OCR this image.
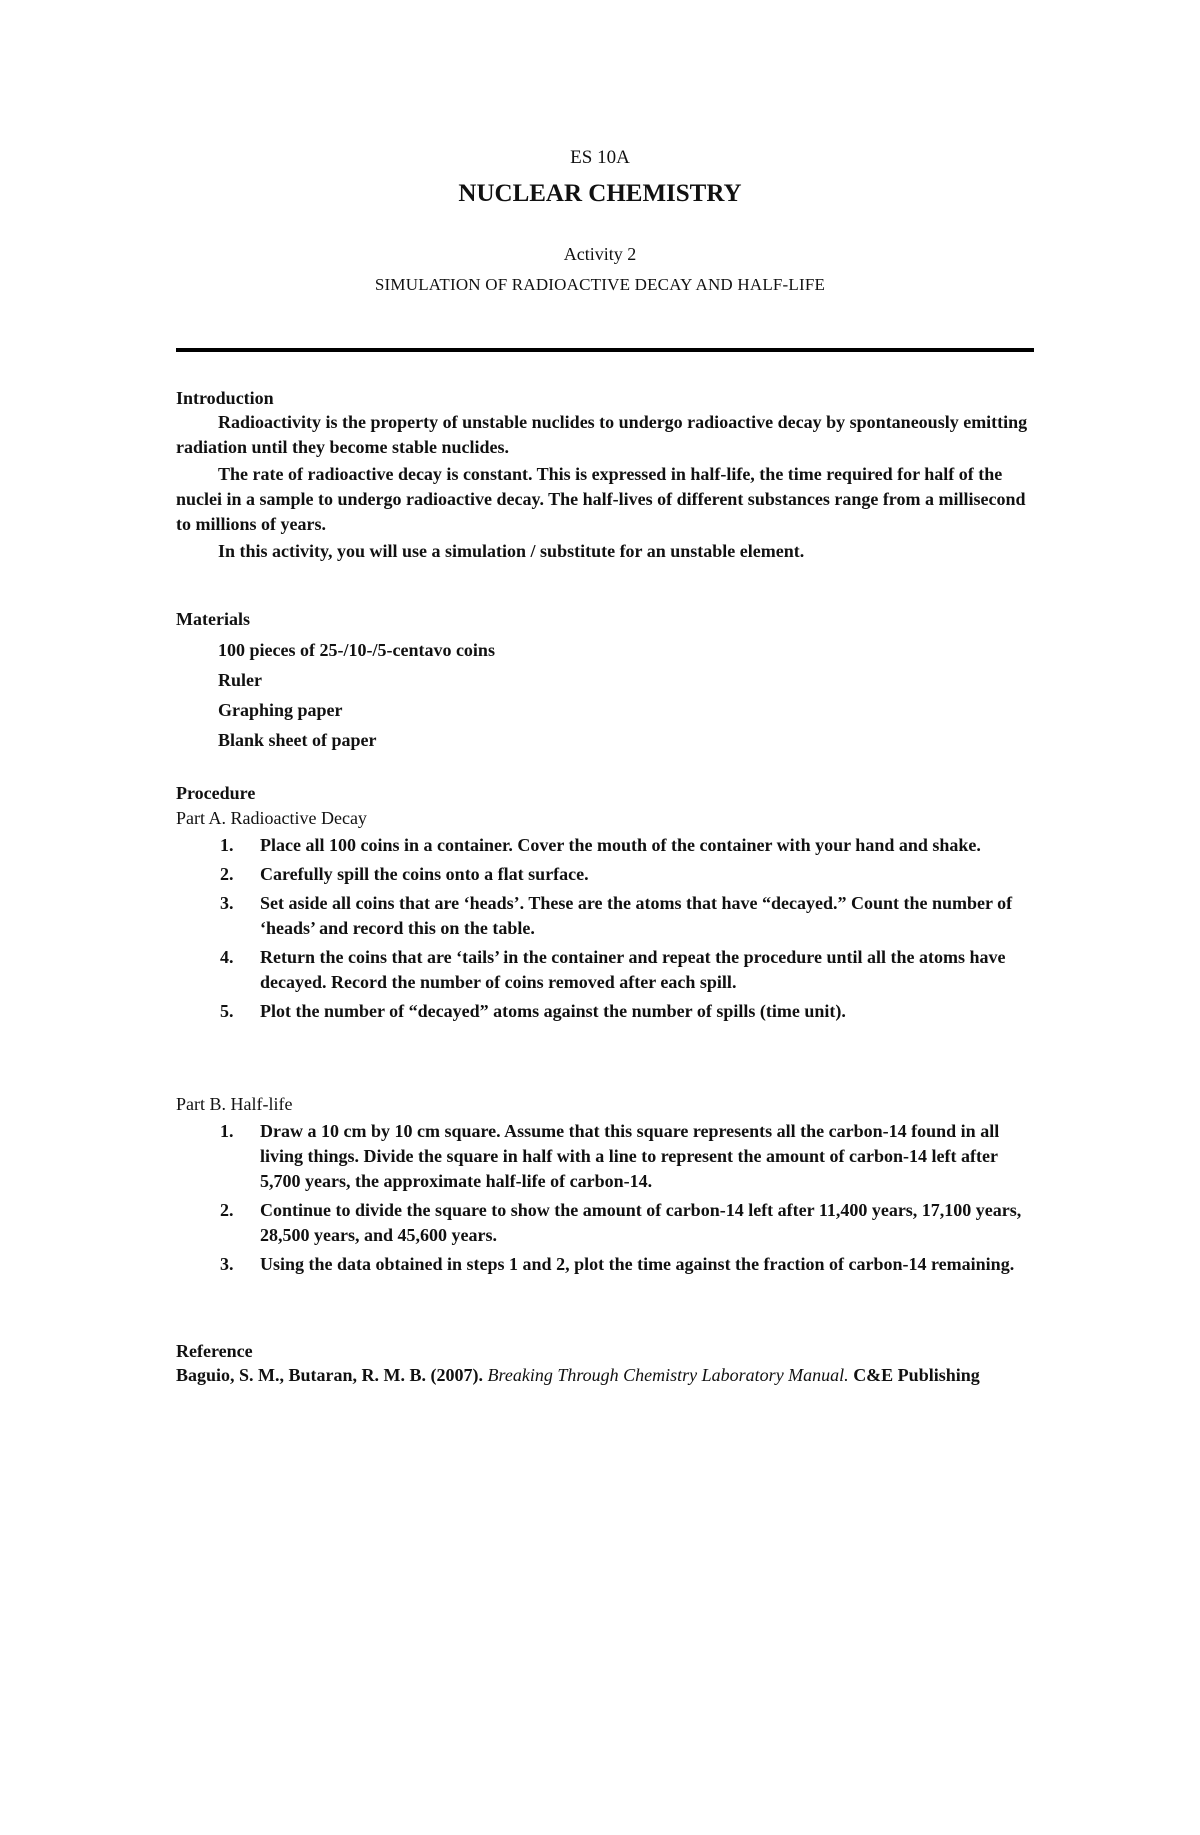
ES 10A
NUCLEAR CHEMISTRY
Activity 2
SIMULATION OF RADIOACTIVE DECAY AND HALF-LIFE
Introduction

Radioactivity is the property of unstable nuclides to undergo radioactive decay by spontaneously emitting radiation until they become stable nuclides.

The rate of radioactive decay is constant. This is expressed in half-life, the time required for half of the nuclei in a sample to undergo radioactive decay. The half-lives of different substances range from a millisecond to millions of years.

In this activity, you will use a simulation / substitute for an unstable element.

Materials
100 pieces of 25-/10-/5-centavo coins
Ruler
Graphing paper
Blank sheet of paper
Procedure
Part A. Radioactive Decay
1. Place all 100 coins in a container. Cover the mouth of the container with your hand and shake.
2. Carefully spill the coins onto a flat surface.
3. Set aside all coins that are ‘heads’. These are the atoms that have “decayed.” Count the number of ‘heads’ and record this on the table.
4. Return the coins that are ‘tails’ in the container and repeat the procedure until all the atoms have decayed. Record the number of coins removed after each spill.
5. Plot the number of “decayed” atoms against the number of spills (time unit).
Part B. Half-life
1. Draw a 10 cm by 10 cm square. Assume that this square represents all the carbon-14 found in all living things. Divide the square in half with a line to represent the amount of carbon-14 left after 5,700 years, the approximate half-life of carbon-14.
2. Continue to divide the square to show the amount of carbon-14 left after 11,400 years, 17,100 years, 28,500 years, and 45,600 years.
3. Using the data obtained in steps 1 and 2, plot the time against the fraction of carbon-14 remaining.
Reference
Baguio, S. M., Butaran, R. M. B. (2007). Breaking Through Chemistry Laboratory Manual. C&E Publishing
